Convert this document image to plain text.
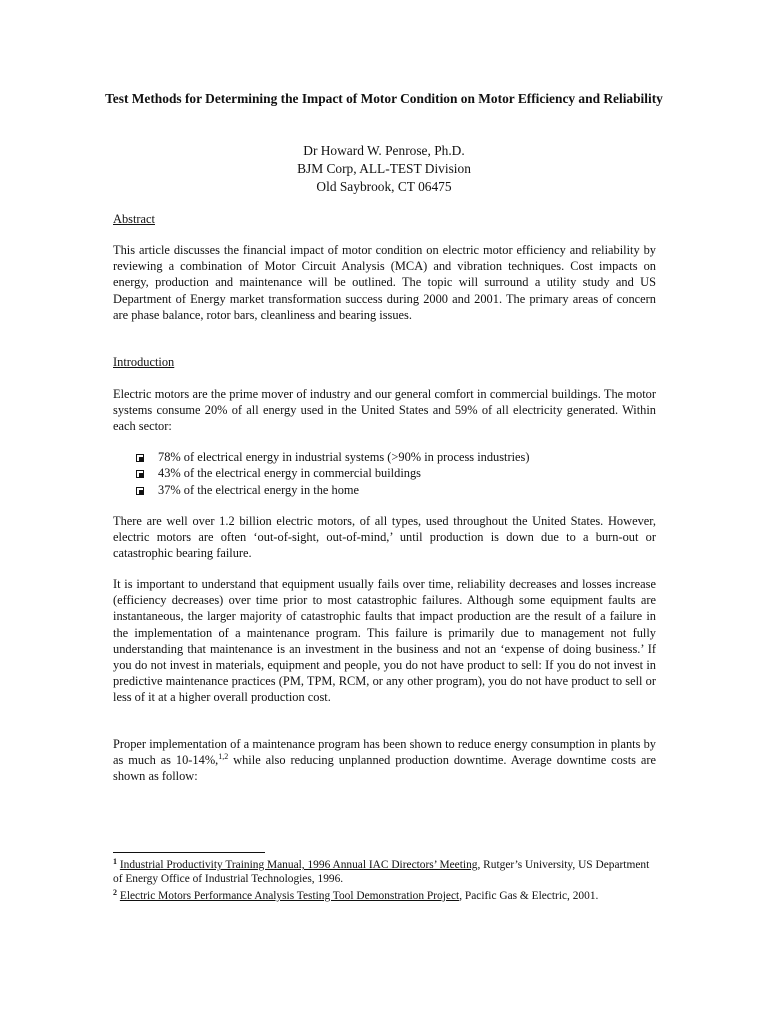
Test Methods for Determining the Impact of Motor Condition on Motor Efficiency and Reliability
Dr Howard W. Penrose, Ph.D.
BJM Corp, ALL-TEST Division
Old Saybrook, CT 06475
Abstract
This article discusses the financial impact of motor condition on electric motor efficiency and reliability by reviewing a combination of Motor Circuit Analysis (MCA) and vibration techniques. Cost impacts on energy, production and maintenance will be outlined. The topic will surround a utility study and US Department of Energy market transformation success during 2000 and 2001. The primary areas of concern are phase balance, rotor bars, cleanliness and bearing issues.
Introduction
Electric motors are the prime mover of industry and our general comfort in commercial buildings. The motor systems consume 20% of all energy used in the United States and 59% of all electricity generated. Within each sector:
78% of electrical energy in industrial systems (>90% in process industries)
43% of the electrical energy in commercial buildings
37% of the electrical energy in the home
There are well over 1.2 billion electric motors, of all types, used throughout the United States. However, electric motors are often ‘out-of-sight, out-of-mind,’ until production is down due to a burn-out or catastrophic bearing failure.
It is important to understand that equipment usually fails over time, reliability decreases and losses increase (efficiency decreases) over time prior to most catastrophic failures. Although some equipment faults are instantaneous, the larger majority of catastrophic faults that impact production are the result of a failure in the implementation of a maintenance program. This failure is primarily due to management not fully understanding that maintenance is an investment in the business and not an ‘expense of doing business.’ If you do not invest in materials, equipment and people, you do not have product to sell: If you do not invest in predictive maintenance practices (PM, TPM, RCM, or any other program), you do not have product to sell or less of it at a higher overall production cost.
Proper implementation of a maintenance program has been shown to reduce energy consumption in plants by as much as 10-14%,$^{1,2}$ while also reducing unplanned production downtime. Average downtime costs are shown as follow:
$^1$ Industrial Productivity Training Manual, 1996 Annual IAC Directors’ Meeting, Rutger’s University, US Department of Energy Office of Industrial Technologies, 1996.
$^2$ Electric Motors Performance Analysis Testing Tool Demonstration Project, Pacific Gas & Electric, 2001.
